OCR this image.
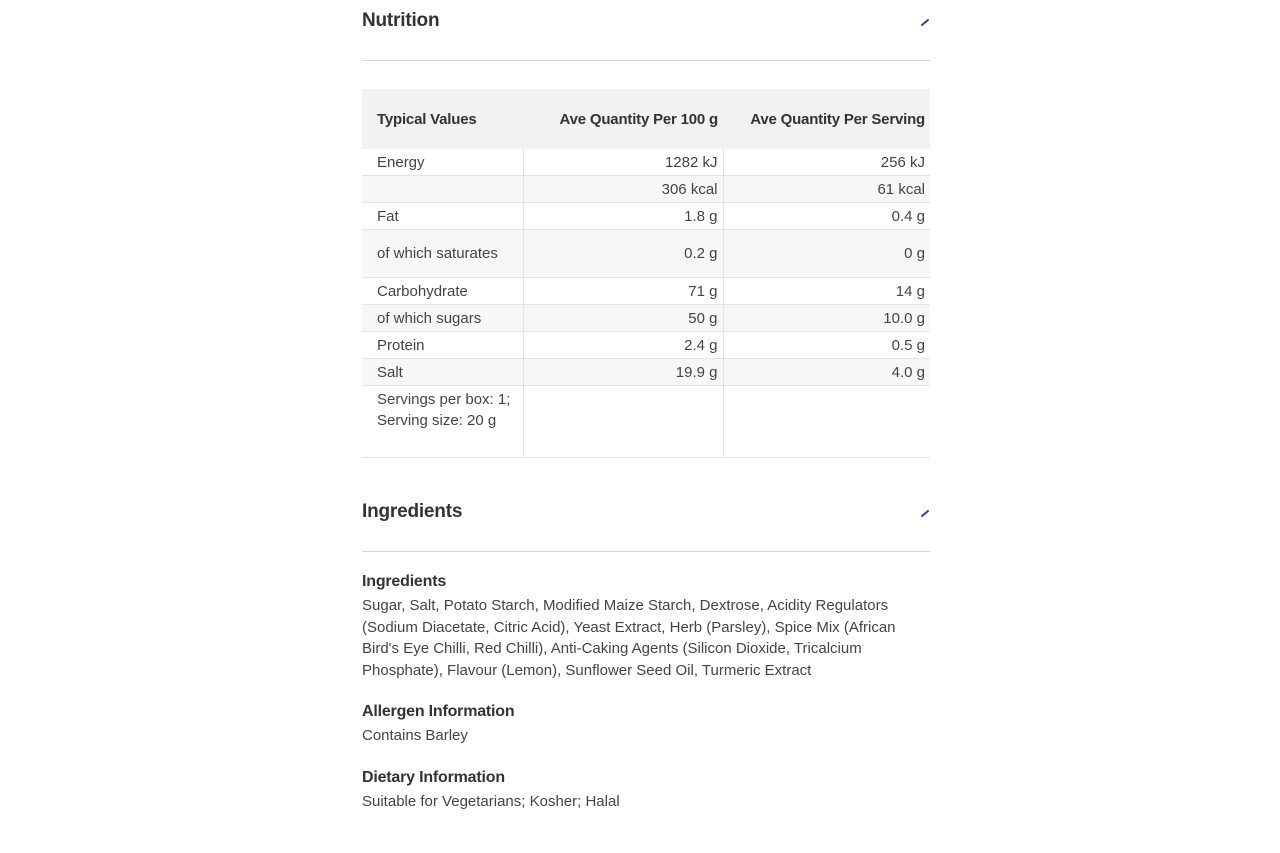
Nutrition
Typical Values	Ave Quantity Per 100 g	Ave Quantity Per Serving
Energy	1282 kJ	256 kJ
	306 kcal	61 kcal
Fat	1.8 g	0.4 g
of which saturates	0.2 g	0 g
Carbohydrate	71 g	14 g
of which sugars	50 g	10.0 g
Protein	2.4 g	0.5 g
Salt	19.9 g	4.0 g
Servings per box: 1; Serving size: 20 g		
Ingredients

Ingredients

Sugar, Salt, Potato Starch, Modified Maize Starch, Dextrose, Acidity Regulators (Sodium Diacetate, Citric Acid), Yeast Extract, Herb (Parsley), Spice Mix (African Bird's Eye Chilli, Red Chilli), Anti-Caking Agents (Silicon Dioxide, Tricalcium Phosphate), Flavour (Lemon), Sunflower Seed Oil, Turmeric Extract

Allergen Information

Contains Barley

Dietary Information

Suitable for Vegetarians; Kosher; Halal
